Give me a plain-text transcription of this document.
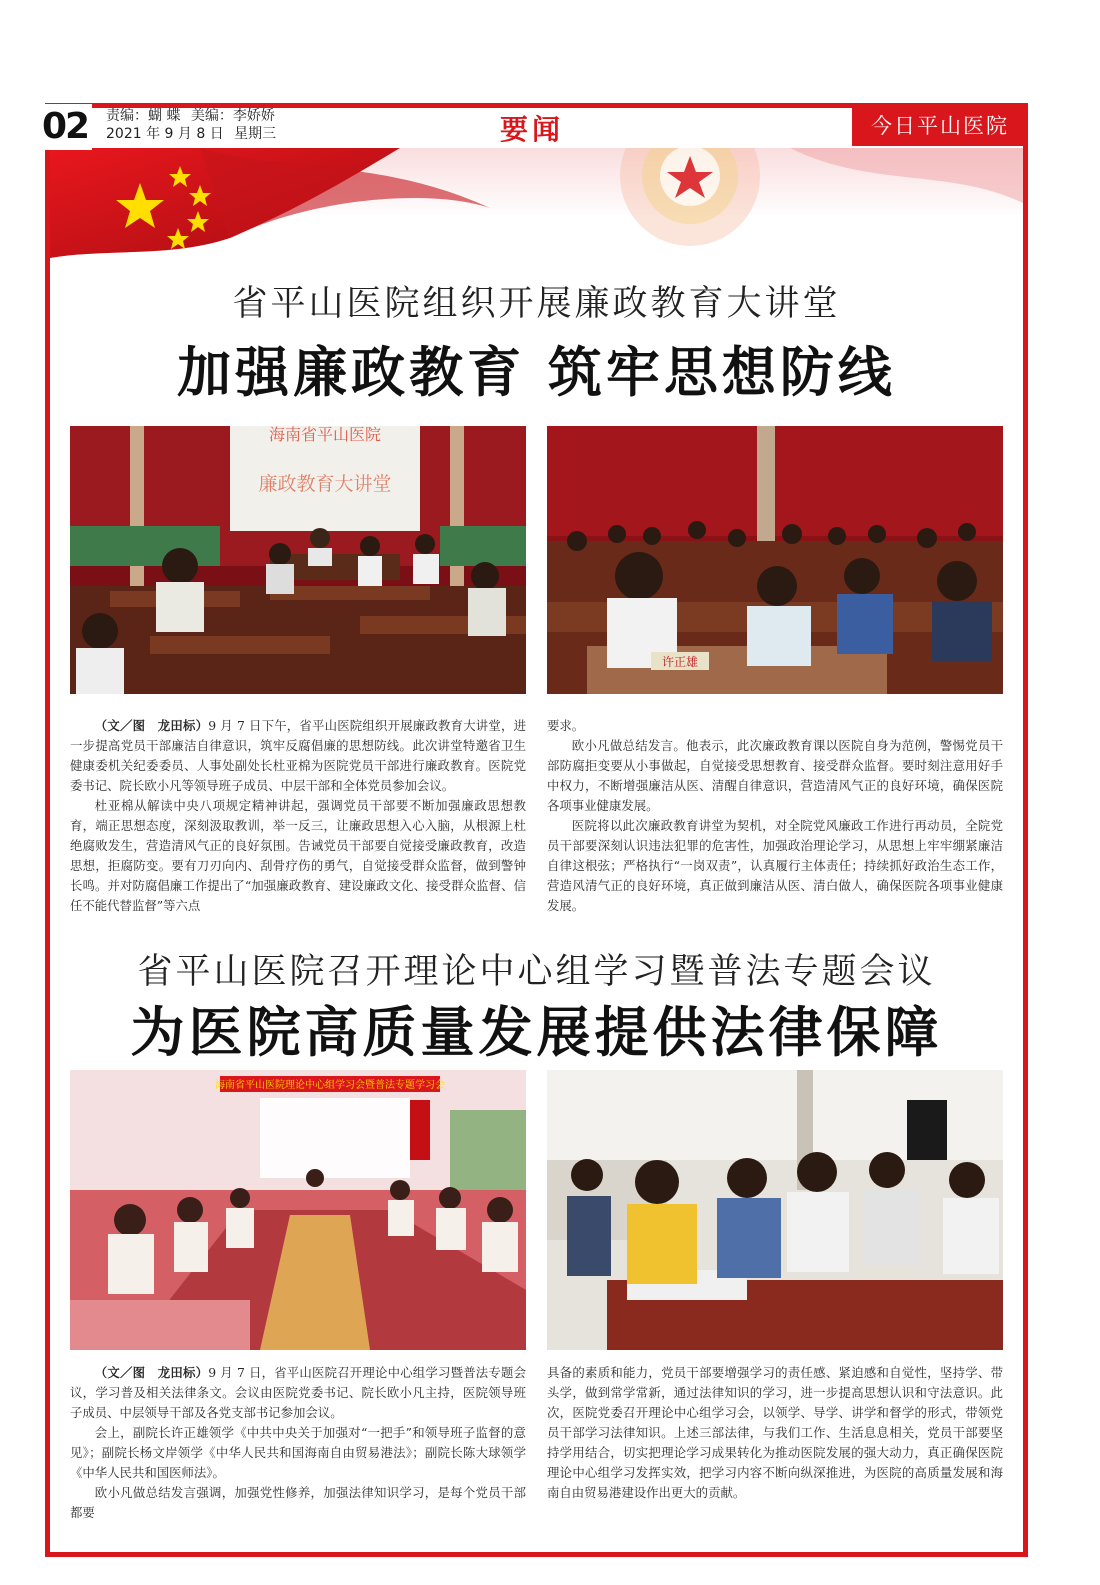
02 责编：蝴 蝶 美编：李娇娇
2021 年 9 月 8 日 星期三	要闻	今日平山医院
省平山医院组织开展廉政教育大讲堂
加强廉政教育 筑牢思想防线
海南省平山医院
廉政教育大讲堂
许正雄

（文／图　龙田标）9 月 7 日下午，省平山医院组织开展廉政教育大讲堂，进一步提高党员干部廉洁自律意识，筑牢反腐倡廉的思想防线。此次讲堂特邀省卫生健康委机关纪委委员、人事处副处长杜亚棉为医院党员干部进行廉政教育。医院党委书记、院长欧小凡等领导班子成员、中层干部和全体党员参加会议。

杜亚棉从解读中央八项规定精神讲起，强调党员干部要不断加强廉政思想教育，端正思想态度，深刻汲取教训，举一反三，让廉政思想入心入脑，从根源上杜绝腐败发生，营造清风气正的良好氛围。告诫党员干部要自觉接受廉政教育，改造思想，拒腐防变。要有刀刃向内、刮骨疗伤的勇气，自觉接受群众监督，做到警钟长鸣。并对防腐倡廉工作提出了“加强廉政教育、建设廉政文化、接受群众监督、信任不能代替监督”等六点

要求。

欧小凡做总结发言。他表示，此次廉政教育课以医院自身为范例，警惕党员干部防腐拒变要从小事做起，自觉接受思想教育、接受群众监督。要时刻注意用好手中权力，不断增强廉洁从医、清醒自律意识，营造清风气正的良好环境，确保医院各项事业健康发展。

医院将以此次廉政教育讲堂为契机，对全院党风廉政工作进行再动员，全院党员干部要深刻认识违法犯罪的危害性，加强政治理论学习，从思想上牢牢绷紧廉洁自律这根弦；严格执行“一岗双责”，认真履行主体责任；持续抓好政治生态工作，营造风清气正的良好环境，真正做到廉洁从医、清白做人，确保医院各项事业健康发展。

省平山医院召开理论中心组学习暨普法专题会议
为医院高质量发展提供法律保障
海南省平山医院理论中心组学习会暨普法专题学习会

（文／图　龙田标）9 月 7 日，省平山医院召开理论中心组学习暨普法专题会议，学习普及相关法律条文。会议由医院党委书记、院长欧小凡主持，医院领导班子成员、中层领导干部及各党支部书记参加会议。

会上，副院长许正雄领学《中共中央关于加强对“一把手”和领导班子监督的意见》；副院长杨文岸领学《中华人民共和国海南自由贸易港法》；副院长陈大球领学《中华人民共和国医师法》。

欧小凡做总结发言强调，加强党性修养，加强法律知识学习，是每个党员干部都要

具备的素质和能力，党员干部要增强学习的责任感、紧迫感和自觉性，坚持学、带头学，做到常学常新，通过法律知识的学习，进一步提高思想认识和守法意识。此次，医院党委召开理论中心组学习会，以领学、导学、讲学和督学的形式，带领党员干部学习法律知识。上述三部法律，与我们工作、生活息息相关，党员干部要坚持学用结合，切实把理论学习成果转化为推动医院发展的强大动力，真正确保医院理论中心组学习发挥实效，把学习内容不断向纵深推进，为医院的高质量发展和海南自由贸易港建设作出更大的贡献。
